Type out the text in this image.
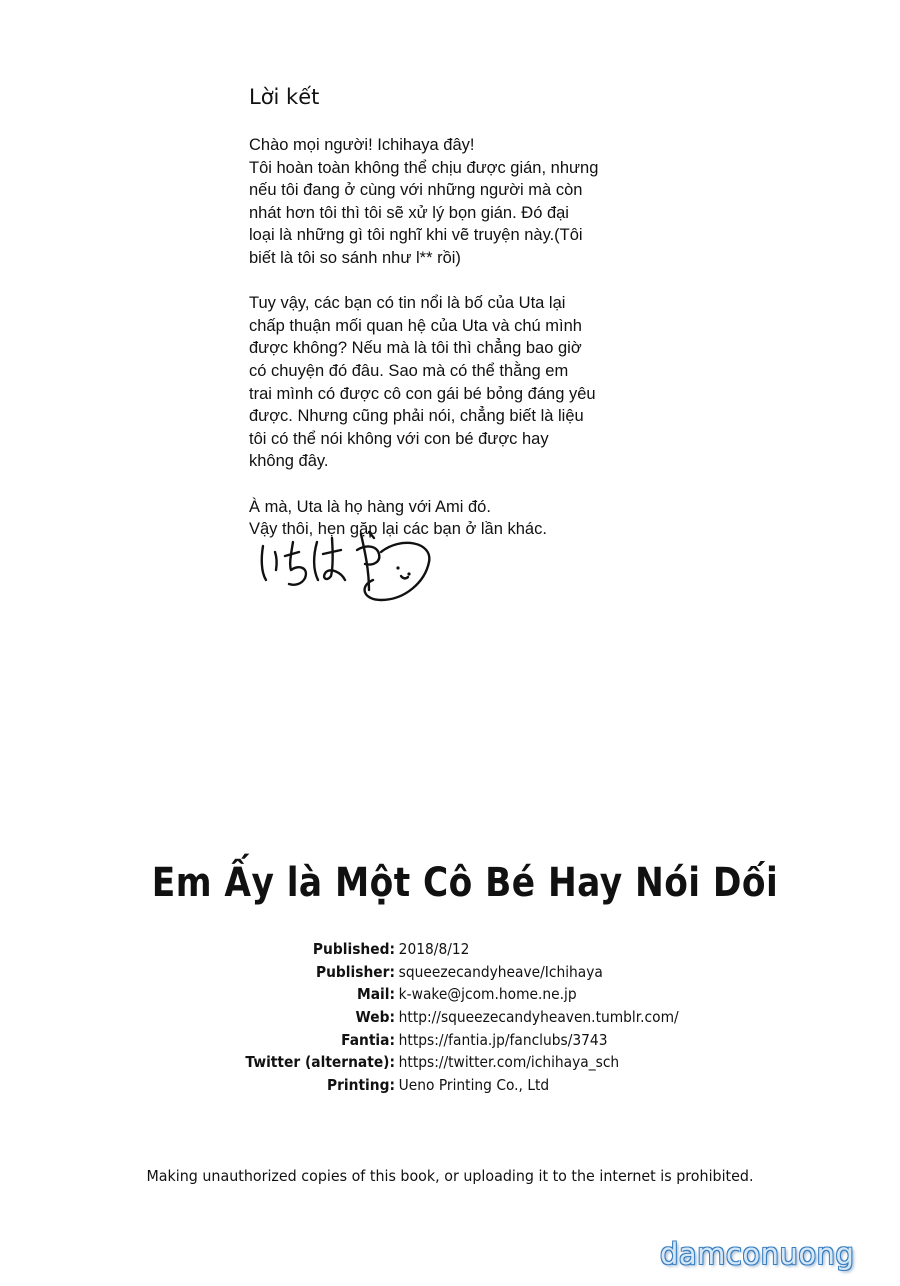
Lời kết

Chào mọi người! Ichihaya đây!
Tôi hoàn toàn không thể chịu được gián, nhưng
nếu tôi đang ở cùng với những người mà còn
nhát hơn tôi thì tôi sẽ xử lý bọn gián. Đó đại
loại là những gì tôi nghĩ khi vẽ truyện này.(Tôi
biết là tôi so sánh như l** rồi)

Tuy vậy, các bạn có tin nổi là bố của Uta lại
chấp thuận mối quan hệ của Uta và chú mình
được không? Nếu mà là tôi thì chẳng bao giờ
có chuyện đó đâu. Sao mà có thể thằng em
trai mình có được cô con gái bé bỏng đáng yêu
được. Nhưng cũng phải nói, chẳng biết là liệu
tôi có thể nói không với con bé được hay
không đây.

À mà, Uta là họ hàng với Ami đó.
Vậy thôi, hẹn gặp lại các bạn ở lần khác.

Em Ấy là Một Cô Bé Hay Nói Dối
Published: 2018/8/12
Publisher: squeezecandyheave/Ichihaya
Mail: k-wake@jcom.home.ne.jp
Web: http://squeezecandyheaven.tumblr.com/
Fantia: https://fantia.jp/fanclubs/3743
Twitter (alternate): https://twitter.com/ichihaya_sch
Printing: Ueno Printing Co., Ltd
Making unauthorized copies of this book, or uploading it to the internet is prohibited.
damconuong
